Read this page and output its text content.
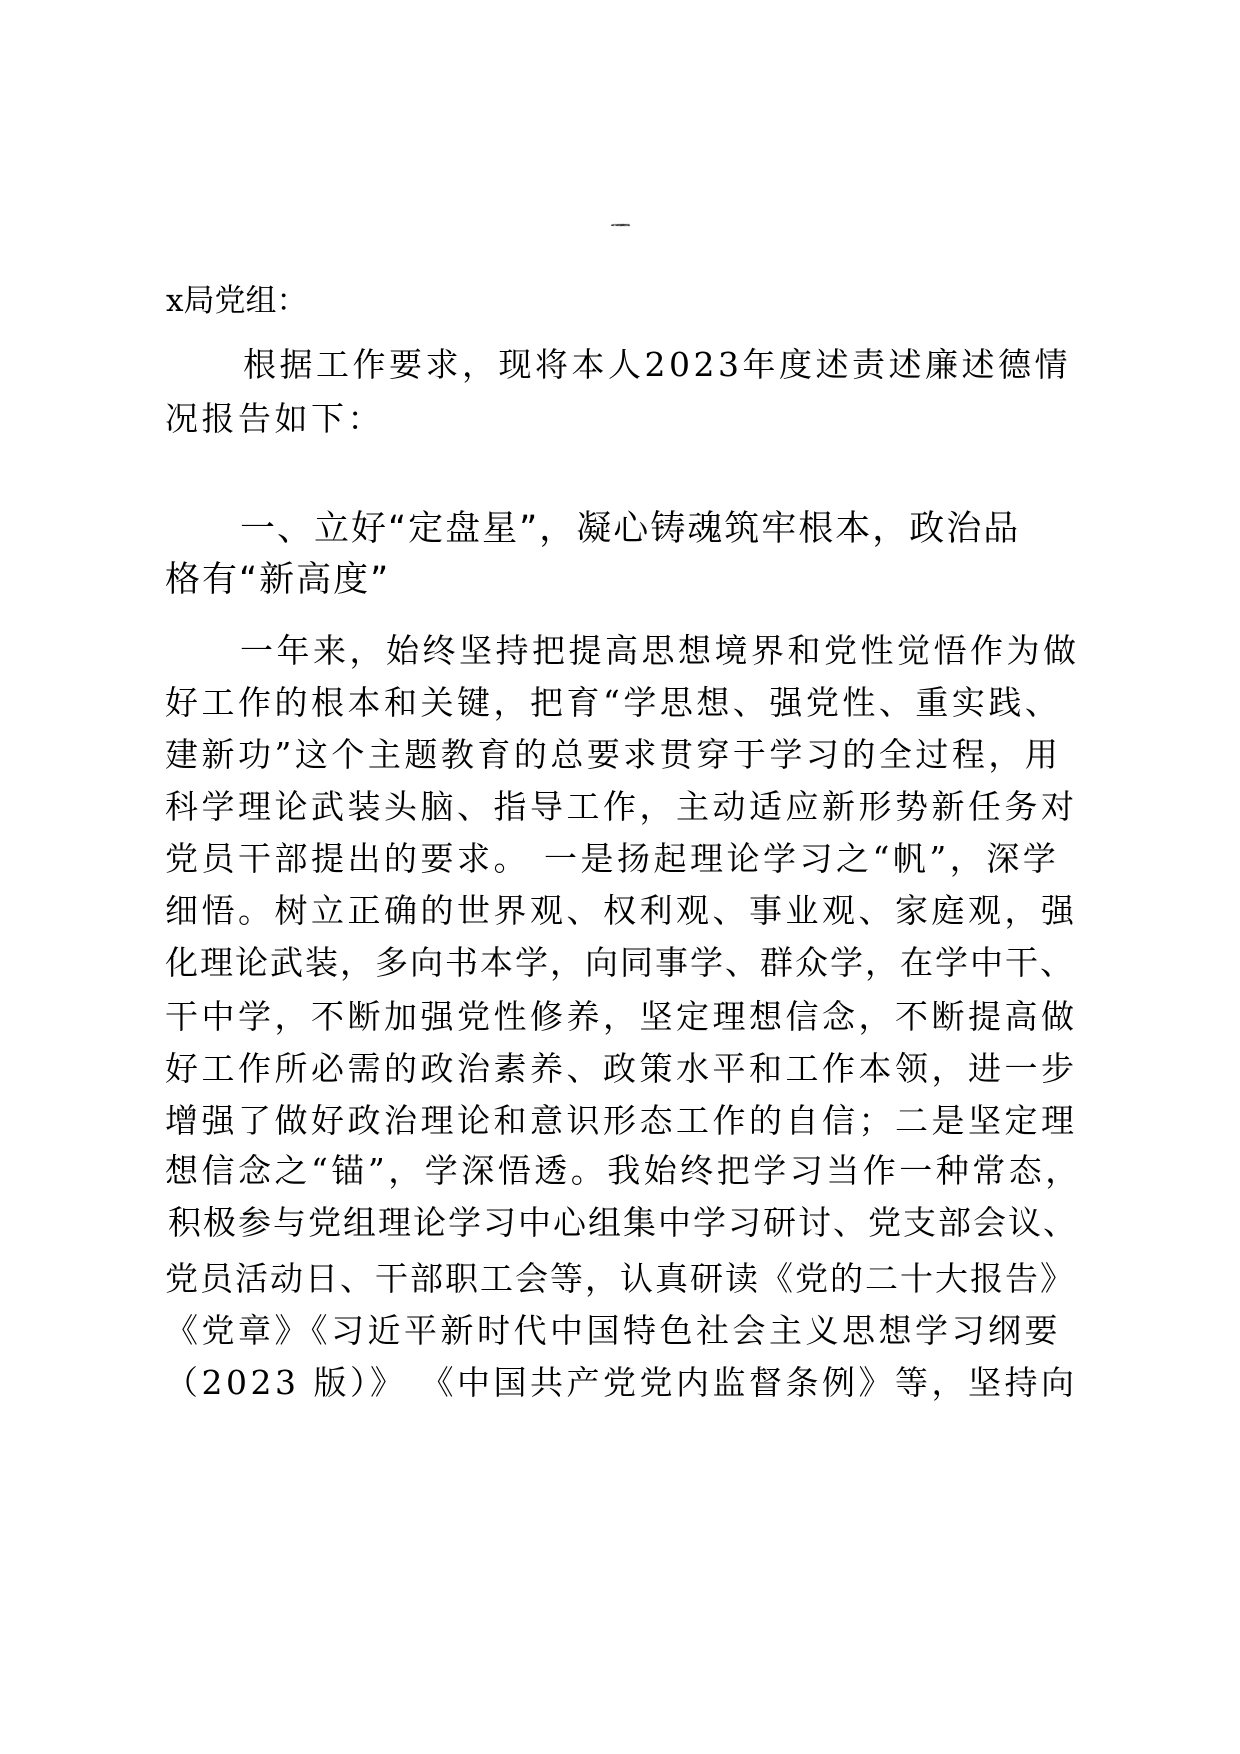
2023年个人述职述责述廉述德报告范文篇1
x局党组：
根据工作要求，现将本人2023年度述责述廉述德情
况报告如下：
一、立好“定盘星”，凝心铸魂筑牢根本，政治品
格有“新高度”
一年来，始终坚持把提高思想境界和党性觉悟作为做
好工作的根本和关键，把育“学思想、强党性、重实践、
建新功”这个主题教育的总要求贯穿于学习的全过程，用
科学理论武装头脑、指导工作，主动适应新形势新任务对
党员干部提出的要求。 一是扬起理论学习之“帆”，深学
细悟。树立正确的世界观、权利观、事业观、家庭观，强
化理论武装，多向书本学，向同事学、群众学，在学中干、
干中学，不断加强党性修养，坚定理想信念，不断提高做
好工作所必需的政治素养、政策水平和工作本领，进一步
增强了做好政治理论和意识形态工作的自信；二是坚定理
想信念之“锚”，学深悟透。我始终把学习当作一种常态，
积极参与党组理论学习中心组集中学习研讨、党支部会议、
党员活动日、干部职工会等，认真研读《党的二十大报告》
《党章》《习近平新时代中国特色社会主义思想学习纲要
（2023 版）》 《中国共产党党内监督条例》等，坚持向
